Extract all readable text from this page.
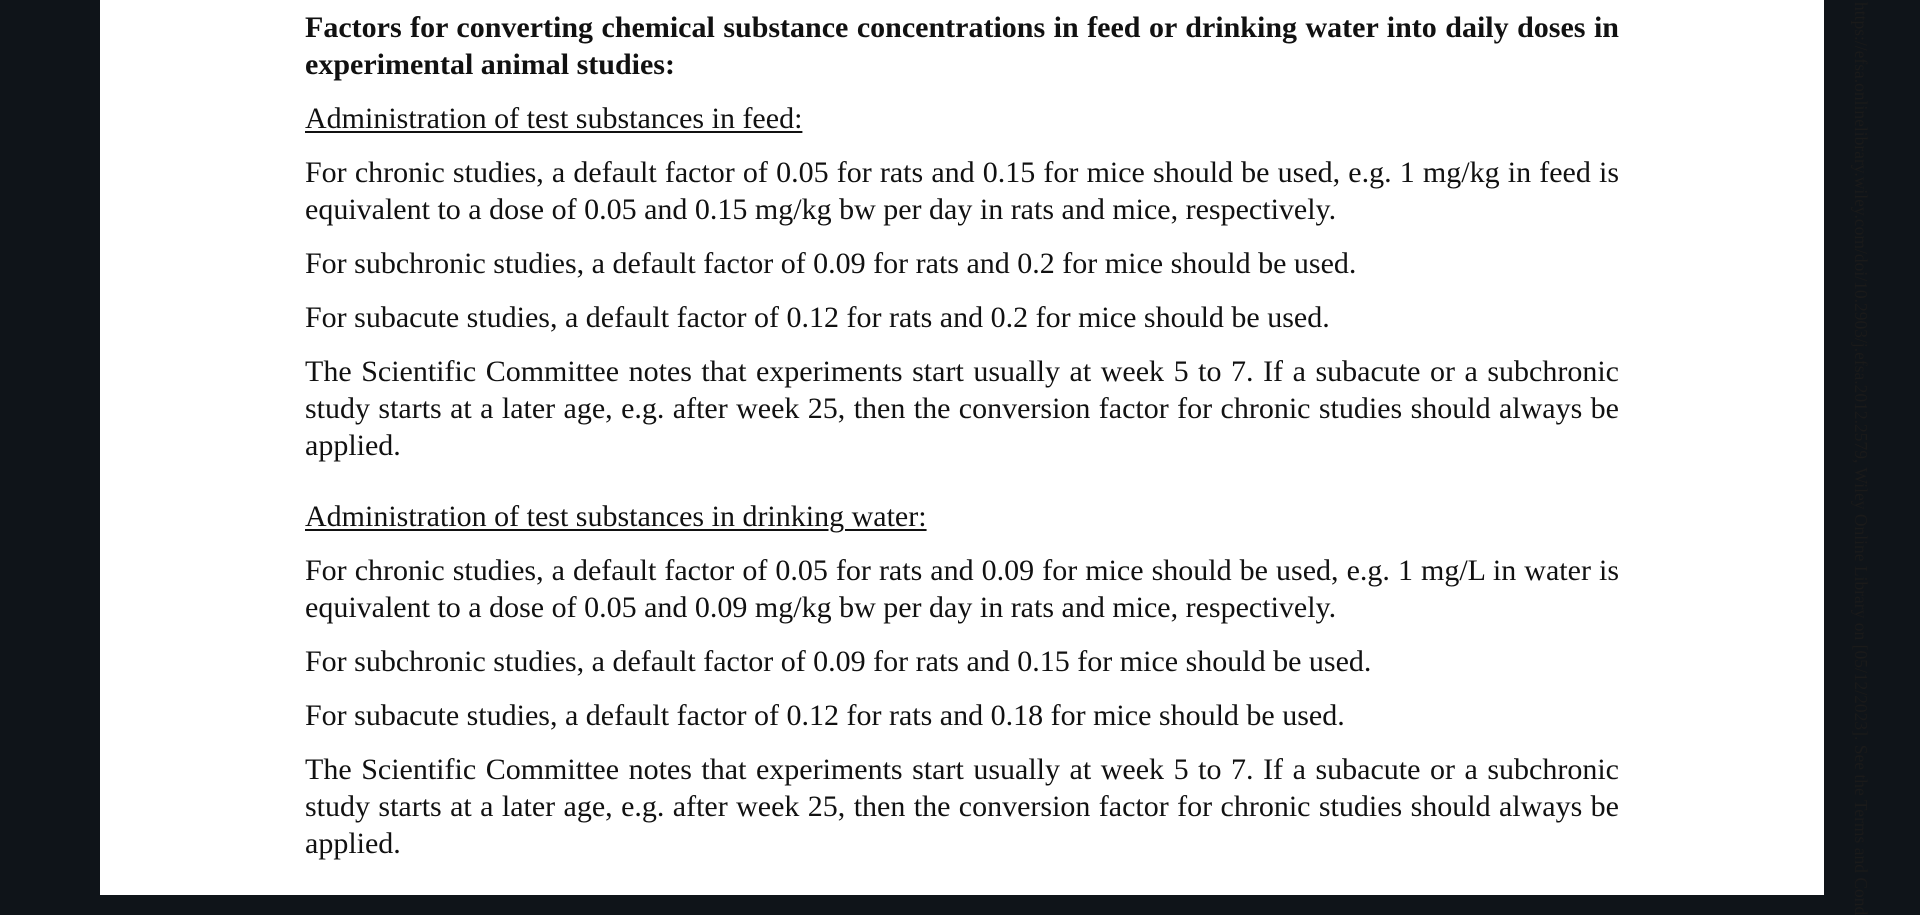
Factors for converting chemical substance concentrations in feed or drinking water into daily doses in experimental animal studies:

Administration of test substances in feed:

For chronic studies, a default factor of 0.05 for rats and 0.15 for mice should be used, e.g. 1 mg/kg in feed is equivalent to a dose of 0.05 and 0.15 mg/kg bw per day in rats and mice, respectively.

For subchronic studies, a default factor of 0.09 for rats and 0.2 for mice should be used.

For subacute studies, a default factor of 0.12 for rats and 0.2 for mice should be used.

The Scientific Committee notes that experiments start usually at week 5 to 7. If a subacute or a subchronic study starts at a later age, e.g. after week 25, then the conversion factor for chronic studies should always be applied.

Administration of test substances in drinking water:

For chronic studies, a default factor of 0.05 for rats and 0.09 for mice should be used, e.g. 1 mg/L in water is equivalent to a dose of 0.05 and 0.09 mg/kg bw per day in rats and mice, respectively.

For subchronic studies, a default factor of 0.09 for rats and 0.15 for mice should be used.

For subacute studies, a default factor of 0.12 for rats and 0.18 for mice should be used.

The Scientific Committee notes that experiments start usually at week 5 to 7. If a subacute or a subchronic study starts at a later age, e.g. after week 25, then the conversion factor for chronic studies should always be applied.	https://efsa.onlinelibrary.wiley.com/doi/10.2903/j.efsa.2012.2579, Wiley Online Library on [05/12/2023]. See the Terms and Cond
